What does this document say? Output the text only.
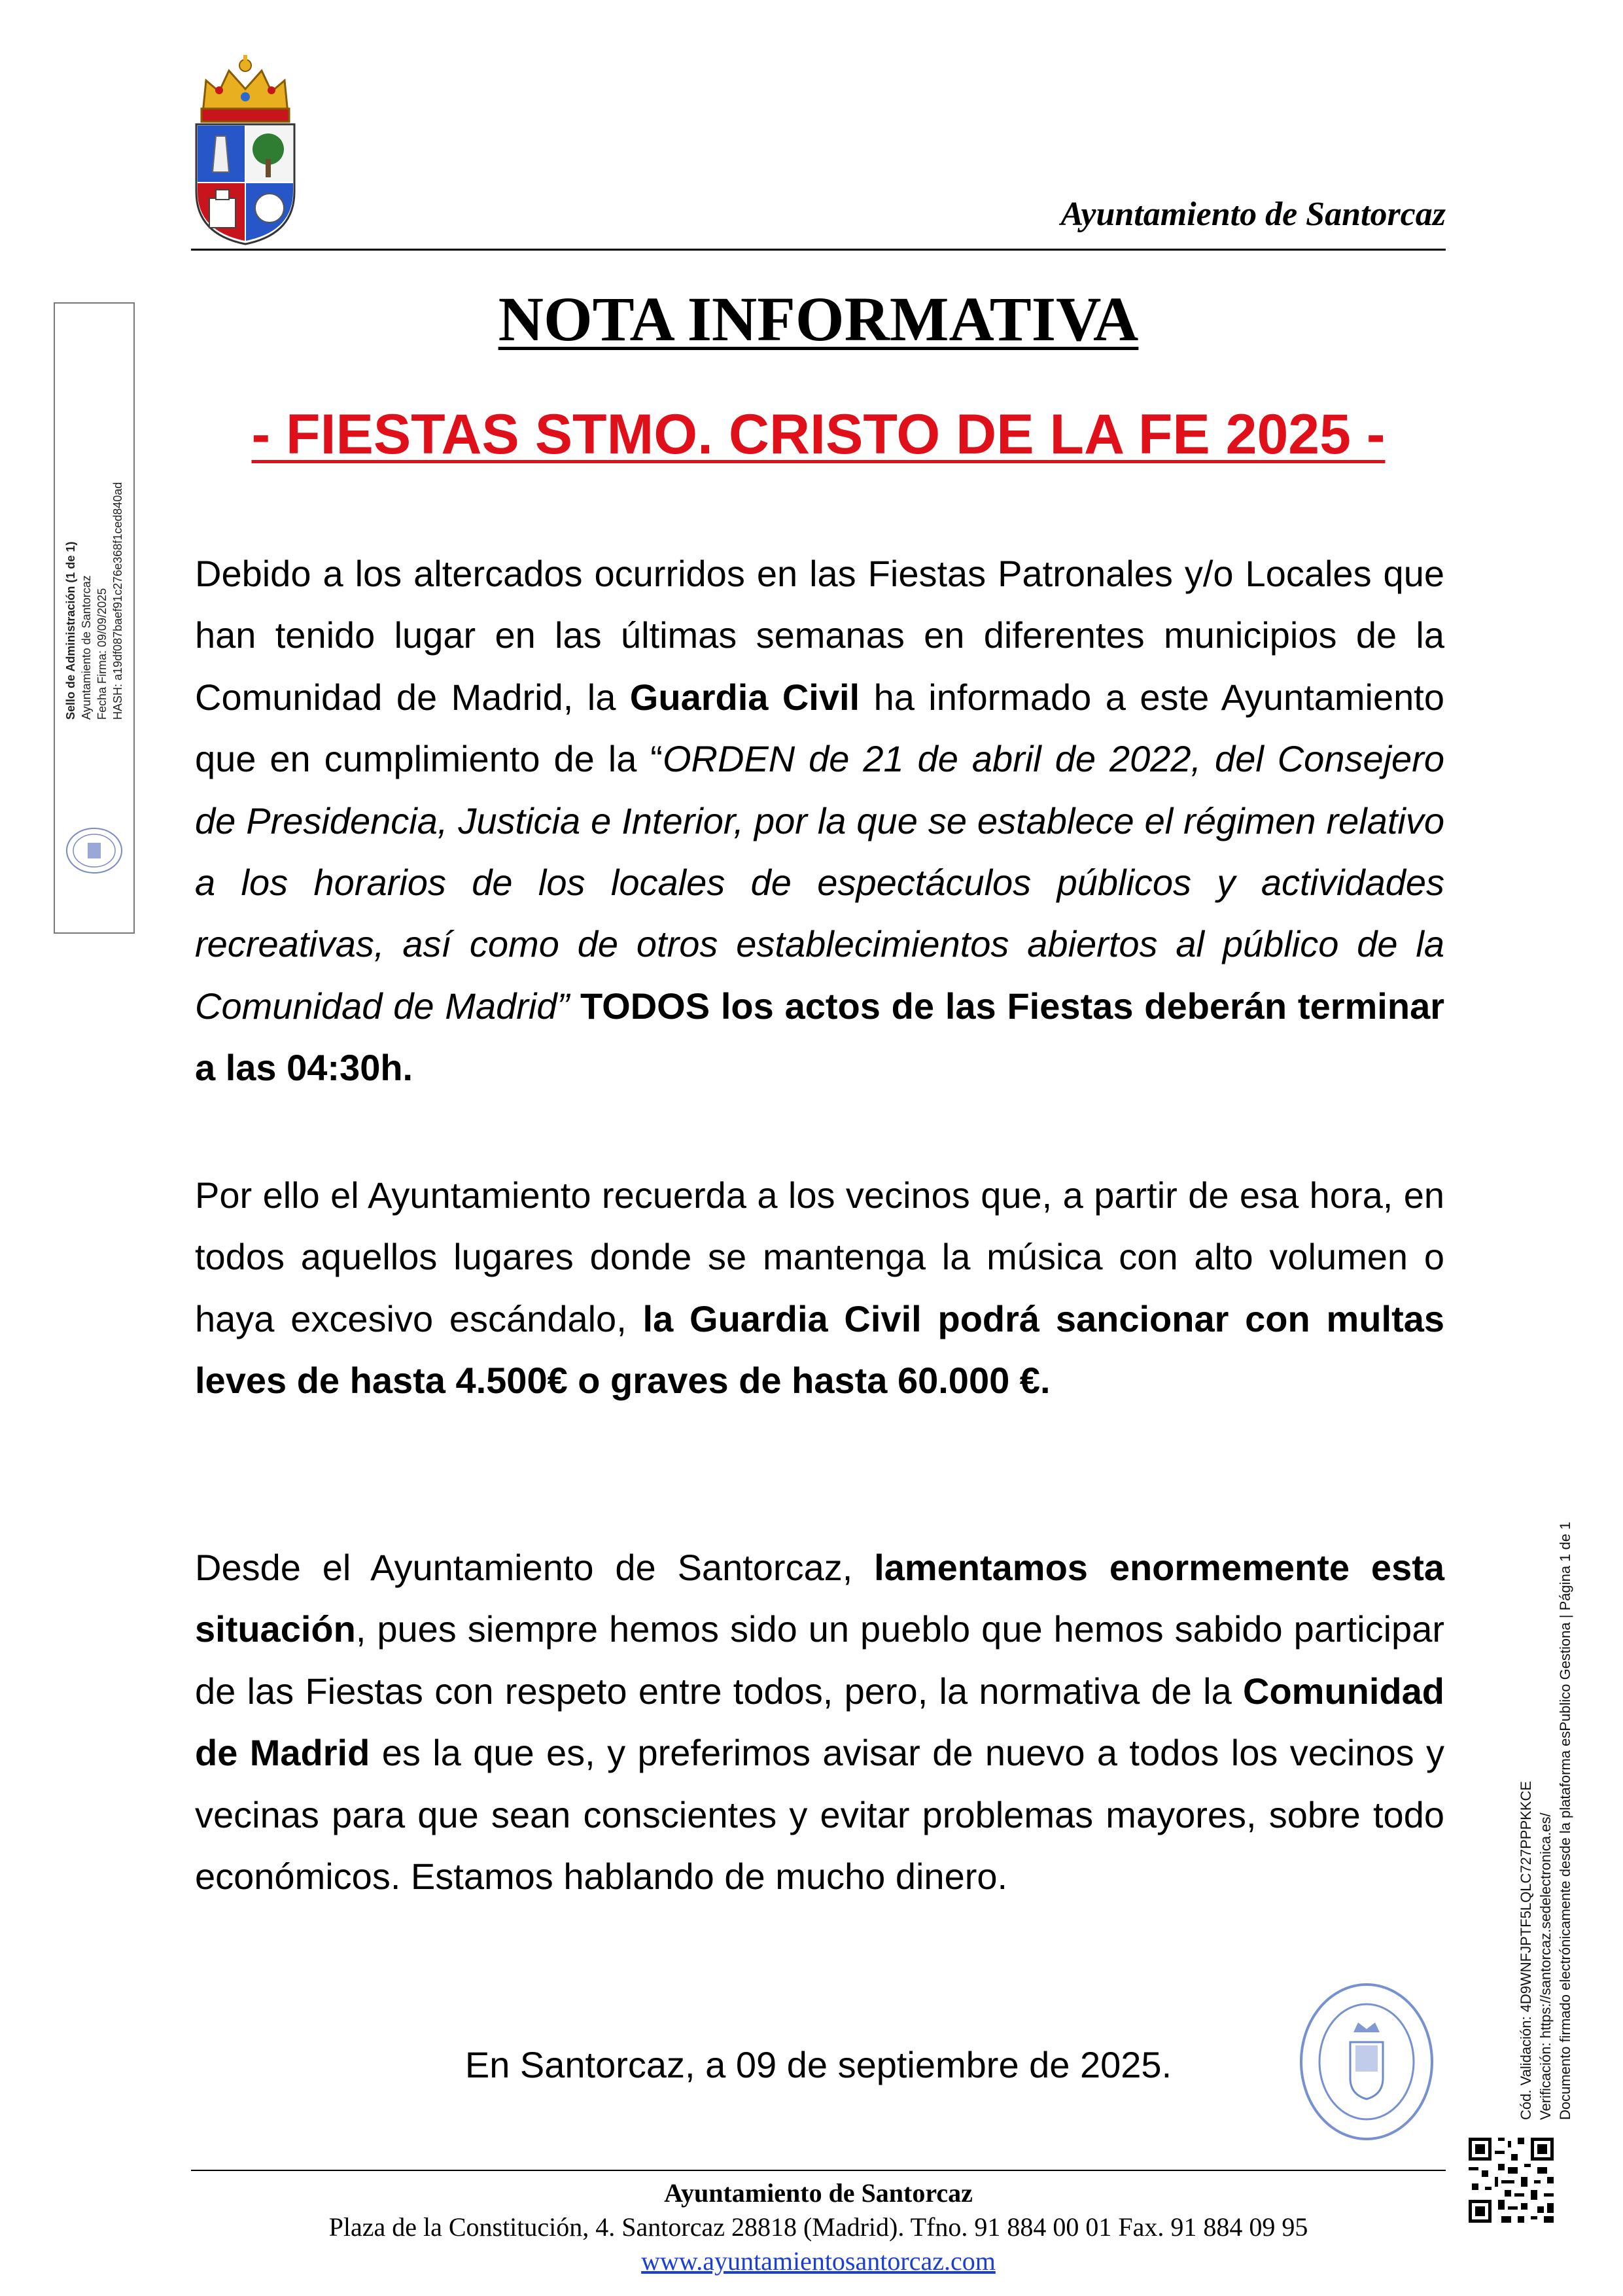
Ayuntamiento de Santorcaz
Sello de Administración (1 de 1) Ayuntamiento de Santorcaz Fecha Firma: 09/09/2025 HASH: a19df087baef91c276e368f1ced840ad
NOTA INFORMATIVA
- FIESTAS STMO. CRISTO DE LA FE 2025 -
Debido a los altercados ocurridos en las Fiestas Patronales y/o Locales que han tenido lugar en las últimas semanas en diferentes municipios de la Comunidad de Madrid, la Guardia Civil ha informado a este Ayuntamiento que en cumplimiento de la “ORDEN de 21 de abril de 2022, del Consejero de Presidencia, Justicia e Interior, por la que se establece el régimen relativo a los horarios de los locales de espectáculos públicos y actividades recreativas, así como de otros establecimientos abiertos al público de la Comunidad de Madrid” TODOS los actos de las Fiestas deberán terminar a las 04:30h.
Por ello el Ayuntamiento recuerda a los vecinos que, a partir de esa hora, en todos aquellos lugares donde se mantenga la música con alto volumen o haya excesivo escándalo, la Guardia Civil podrá sancionar con multas leves de hasta 4.500€ o graves de hasta 60.000 €.
Desde el Ayuntamiento de Santorcaz, lamentamos enormemente esta situación, pues siempre hemos sido un pueblo que hemos sabido participar de las Fiestas con respeto entre todos, pero, la normativa de la Comunidad de Madrid es la que es, y preferimos avisar de nuevo a todos los vecinos y vecinas para que sean conscientes y evitar problemas mayores, sobre todo económicos. Estamos hablando de mucho dinero.
En Santorcaz, a 09 de septiembre de 2025.
Ayuntamiento de Santorcaz
Plaza de la Constitución, 4. Santorcaz 28818 (Madrid). Tfno. 91 884 00 01 Fax. 91 884 09 95
www.ayuntamientosantorcaz.com
Cód. Validación: 4D9WNFJPTF5LQLC727PPPKKCE Verificación: https://santorcaz.sedelectronica.es/ Documento firmado electrónicamente desde la plataforma esPublico Gestiona | Página 1 de 1
